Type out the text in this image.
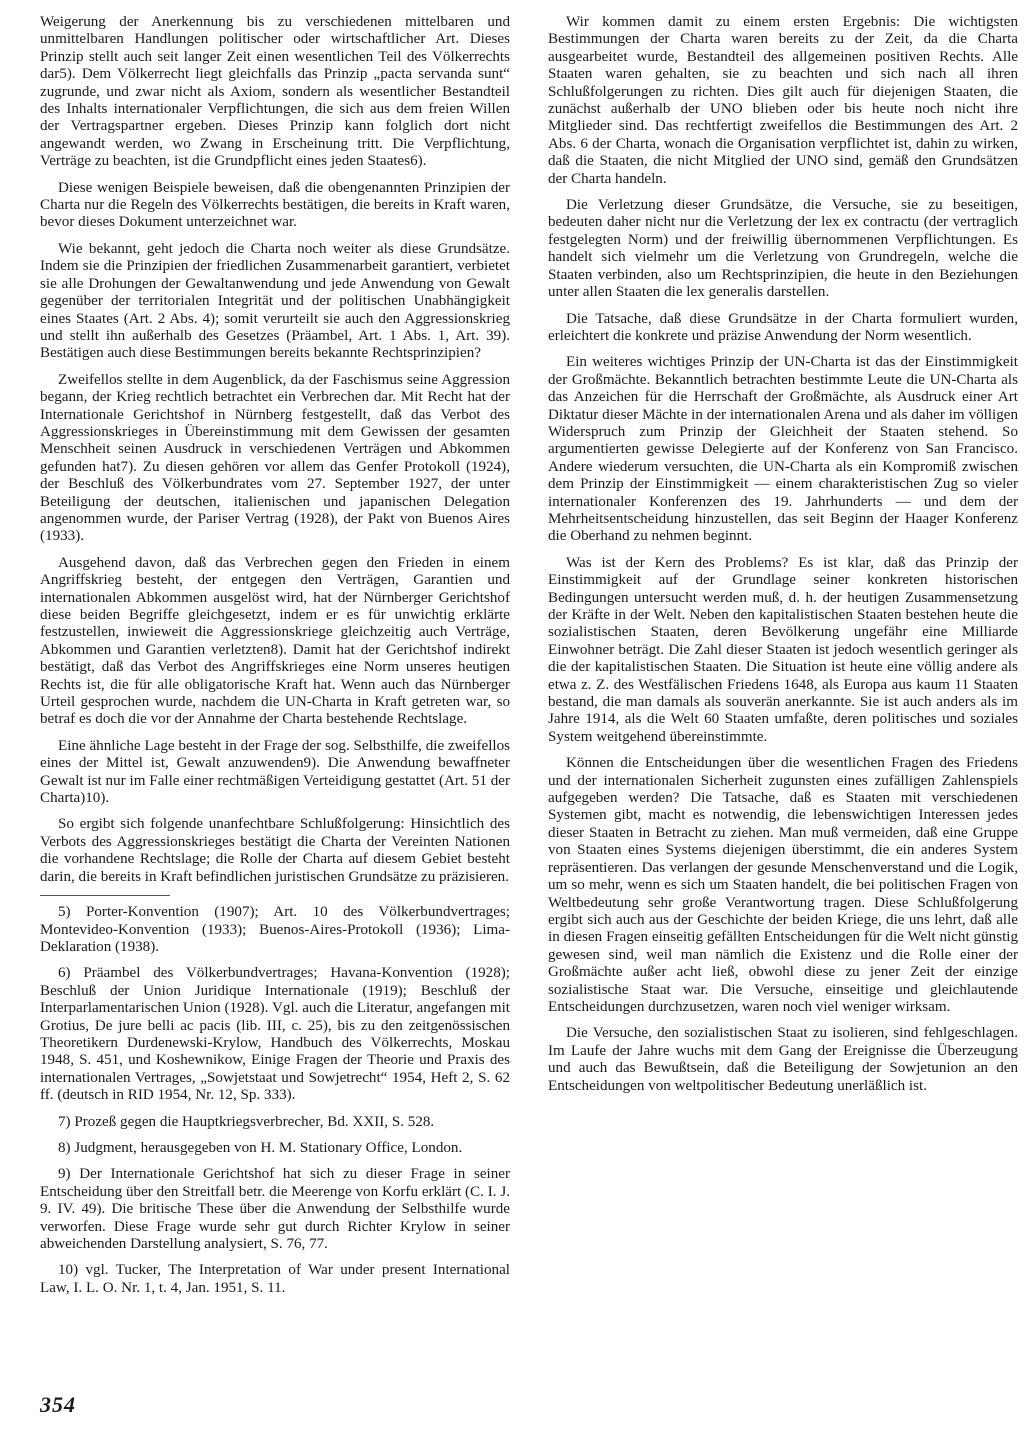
Weigerung der Anerkennung bis zu verschiedenen mittelbaren und unmittelbaren Handlungen politischer oder wirtschaftlicher Art. Dieses Prinzip stellt auch seit langer Zeit einen wesentlichen Teil des Völkerrechts dar5). Dem Völkerrecht liegt gleichfalls das Prinzip „pacta servanda sunt“ zugrunde, und zwar nicht als Axiom, sondern als wesentlicher Bestandteil des Inhalts internationaler Verpflichtungen, die sich aus dem freien Willen der Vertragspartner ergeben. Dieses Prinzip kann folglich dort nicht angewandt werden, wo Zwang in Erscheinung tritt. Die Verpflichtung, Verträge zu beachten, ist die Grundpflicht eines jeden Staates6).

Diese wenigen Beispiele beweisen, daß die obengenannten Prinzipien der Charta nur die Regeln des Völkerrechts bestätigen, die bereits in Kraft waren, bevor dieses Dokument unterzeichnet war.

Wie bekannt, geht jedoch die Charta noch weiter als diese Grundsätze. Indem sie die Prinzipien der friedlichen Zusammenarbeit garantiert, verbietet sie alle Drohungen der Gewaltanwendung und jede Anwendung von Gewalt gegenüber der territorialen Integrität und der politischen Unabhängigkeit eines Staates (Art. 2 Abs. 4); somit verurteilt sie auch den Aggressionskrieg und stellt ihn außerhalb des Gesetzes (Präambel, Art. 1 Abs. 1, Art. 39). Bestätigen auch diese Bestimmungen bereits bekannte Rechtsprinzipien?

Zweifellos stellte in dem Augenblick, da der Faschismus seine Aggression begann, der Krieg rechtlich betrachtet ein Verbrechen dar. Mit Recht hat der Internationale Gerichtshof in Nürnberg festgestellt, daß das Verbot des Aggressionskrieges in Übereinstimmung mit dem Gewissen der gesamten Menschheit seinen Ausdruck in verschiedenen Verträgen und Abkommen gefunden hat7). Zu diesen gehören vor allem das Genfer Protokoll (1924), der Beschluß des Völkerbundrates vom 27. September 1927, der unter Beteiligung der deutschen, italienischen und japanischen Delegation angenommen wurde, der Pariser Vertrag (1928), der Pakt von Buenos Aires (1933).

Ausgehend davon, daß das Verbrechen gegen den Frieden in einem Angriffskrieg besteht, der entgegen den Verträgen, Garantien und internationalen Abkommen ausgelöst wird, hat der Nürnberger Gerichtshof diese beiden Begriffe gleichgesetzt, indem er es für unwichtig erklärte festzustellen, inwieweit die Aggressionskriege gleichzeitig auch Verträge, Abkommen und Garantien verletzten8). Damit hat der Gerichtshof indirekt bestätigt, daß das Verbot des Angriffskrieges eine Norm unseres heutigen Rechts ist, die für alle obligatorische Kraft hat. Wenn auch das Nürnberger Urteil gesprochen wurde, nachdem die UN-Charta in Kraft getreten war, so betraf es doch die vor der Annahme der Charta bestehende Rechtslage.

Eine ähnliche Lage besteht in der Frage der sog. Selbsthilfe, die zweifellos eines der Mittel ist, Gewalt anzuwenden9). Die Anwendung bewaffneter Gewalt ist nur im Falle einer rechtmäßigen Verteidigung gestattet (Art. 51 der Charta)10).

So ergibt sich folgende unanfechtbare Schlußfolgerung: Hinsichtlich des Verbots des Aggressionskrieges bestätigt die Charta der Vereinten Nationen die vorhandene Rechtslage; die Rolle der Charta auf diesem Gebiet besteht darin, die bereits in Kraft befindlichen juristischen Grundsätze zu präzisieren.

5) Porter-Konvention (1907); Art. 10 des Völkerbundvertrages; Montevideo-Konvention (1933); Buenos-Aires-Protokoll (1936); Lima-Deklaration (1938).

6) Präambel des Völkerbundvertrages; Havana-Konvention (1928); Beschluß der Union Juridique Internationale (1919); Beschluß der Interparlamentarischen Union (1928). Vgl. auch die Literatur, angefangen mit Grotius, De jure belli ac pacis (lib. III, c. 25), bis zu den zeitgenössischen Theoretikern Durdenewski-Krylow, Handbuch des Völkerrechts, Moskau 1948, S. 451, und Koshewnikow, Einige Fragen der Theorie und Praxis des internationalen Vertrages, „Sowjetstaat und Sowjetrecht“ 1954, Heft 2, S. 62 ff. (deutsch in RID 1954, Nr. 12, Sp. 333).

7) Prozeß gegen die Hauptkriegsverbrecher, Bd. XXII, S. 528.

8) Judgment, herausgegeben von H. M. Stationary Office, London.

9) Der Internationale Gerichtshof hat sich zu dieser Frage in seiner Entscheidung über den Streitfall betr. die Meerenge von Korfu erklärt (C. I. J. 9. IV. 49). Die britische These über die Anwendung der Selbsthilfe wurde verworfen. Diese Frage wurde sehr gut durch Richter Krylow in seiner abweichenden Darstellung analysiert, S. 76, 77.

10) vgl. Tucker, The Interpretation of War under present International Law, I. L. O. Nr. 1, t. 4, Jan. 1951, S. 11.

Wir kommen damit zu einem ersten Ergebnis: Die wichtigsten Bestimmungen der Charta waren bereits zu der Zeit, da die Charta ausgearbeitet wurde, Bestandteil des allgemeinen positiven Rechts. Alle Staaten waren gehalten, sie zu beachten und sich nach all ihren Schlußfolgerungen zu richten. Dies gilt auch für diejenigen Staaten, die zunächst außerhalb der UNO blieben oder bis heute noch nicht ihre Mitglieder sind. Das rechtfertigt zweifellos die Bestimmungen des Art. 2 Abs. 6 der Charta, wonach die Organisation verpflichtet ist, dahin zu wirken, daß die Staaten, die nicht Mitglied der UNO sind, gemäß den Grundsätzen der Charta handeln.

Die Verletzung dieser Grundsätze, die Versuche, sie zu beseitigen, bedeuten daher nicht nur die Verletzung der lex ex contractu (der vertraglich festgelegten Norm) und der freiwillig übernommenen Verpflichtungen. Es handelt sich vielmehr um die Verletzung von Grundregeln, welche die Staaten verbinden, also um Rechtsprinzipien, die heute in den Beziehungen unter allen Staaten die lex generalis darstellen.

Die Tatsache, daß diese Grundsätze in der Charta formuliert wurden, erleichtert die konkrete und präzise Anwendung der Norm wesentlich.

Ein weiteres wichtiges Prinzip der UN-Charta ist das der Einstimmigkeit der Großmächte. Bekanntlich betrachten bestimmte Leute die UN-Charta als das Anzeichen für die Herrschaft der Großmächte, als Ausdruck einer Art Diktatur dieser Mächte in der internationalen Arena und als daher im völligen Widerspruch zum Prinzip der Gleichheit der Staaten stehend. So argumentierten gewisse Delegierte auf der Konferenz von San Francisco. Andere wiederum versuchten, die UN-Charta als ein Kompromiß zwischen dem Prinzip der Einstimmigkeit — einem charakteristischen Zug so vieler internationaler Konferenzen des 19. Jahrhunderts — und dem der Mehrheitsentscheidung hinzustellen, das seit Beginn der Haager Konferenz die Oberhand zu nehmen beginnt.

Was ist der Kern des Problems? Es ist klar, daß das Prinzip der Einstimmigkeit auf der Grundlage seiner konkreten historischen Bedingungen untersucht werden muß, d. h. der heutigen Zusammensetzung der Kräfte in der Welt. Neben den kapitalistischen Staaten bestehen heute die sozialistischen Staaten, deren Bevölkerung ungefähr eine Milliarde Einwohner beträgt. Die Zahl dieser Staaten ist jedoch wesentlich geringer als die der kapitalistischen Staaten. Die Situation ist heute eine völlig andere als etwa z. Z. des Westfälischen Friedens 1648, als Europa aus kaum 11 Staaten bestand, die man damals als souverän anerkannte. Sie ist auch anders als im Jahre 1914, als die Welt 60 Staaten umfaßte, deren politisches und soziales System weitgehend übereinstimmte.

Können die Entscheidungen über die wesentlichen Fragen des Friedens und der internationalen Sicherheit zugunsten eines zufälligen Zahlenspiels aufgegeben werden? Die Tatsache, daß es Staaten mit verschiedenen Systemen gibt, macht es notwendig, die lebenswichtigen Interessen jedes dieser Staaten in Betracht zu ziehen. Man muß vermeiden, daß eine Gruppe von Staaten eines Systems diejenigen überstimmt, die ein anderes System repräsentieren. Das verlangen der gesunde Menschenverstand und die Logik, um so mehr, wenn es sich um Staaten handelt, die bei politischen Fragen von Weltbedeutung sehr große Verantwortung tragen. Diese Schlußfolgerung ergibt sich auch aus der Geschichte der beiden Kriege, die uns lehrt, daß alle in diesen Fragen einseitig gefällten Entscheidungen für die Welt nicht günstig gewesen sind, weil man nämlich die Existenz und die Rolle einer der Großmächte außer acht ließ, obwohl diese zu jener Zeit der einzige sozialistische Staat war. Die Versuche, einseitige und gleichlautende Entscheidungen durchzusetzen, waren noch viel weniger wirksam.

Die Versuche, den sozialistischen Staat zu isolieren, sind fehlgeschlagen. Im Laufe der Jahre wuchs mit dem Gang der Ereignisse die Überzeugung und auch das Bewußtsein, daß die Beteiligung der Sowjetunion an den Entscheidungen von weltpolitischer Bedeutung unerläßlich ist.

354
